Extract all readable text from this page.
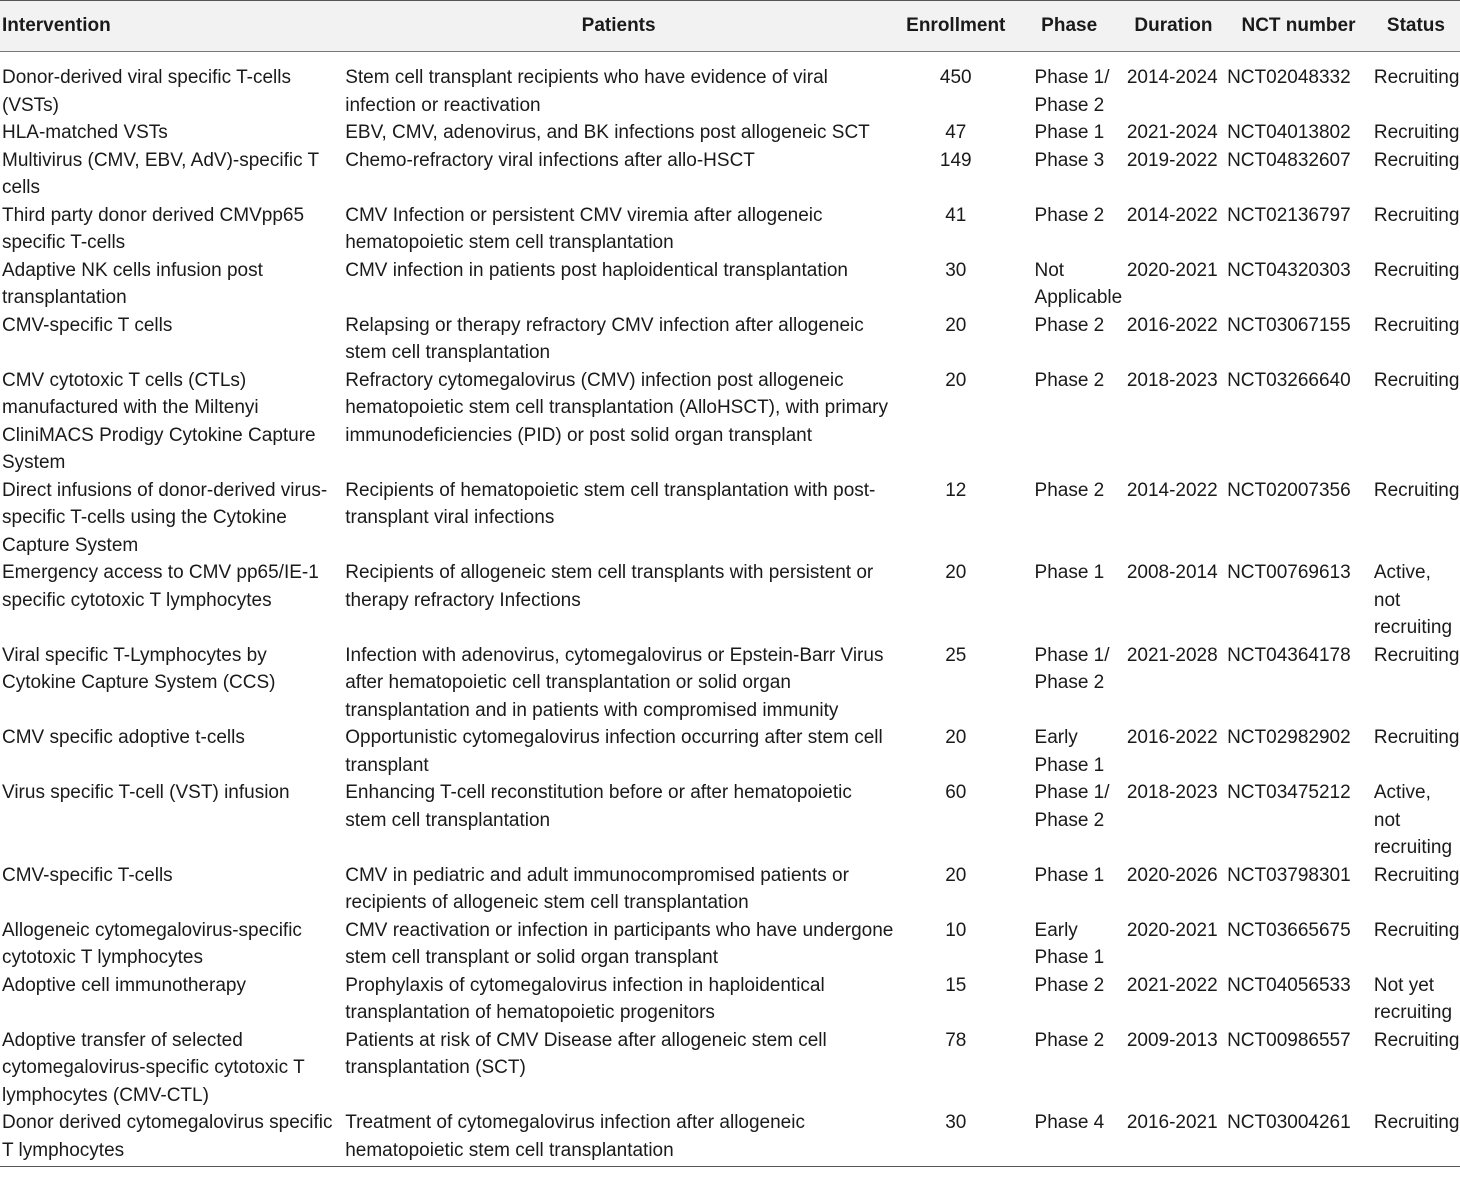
Intervention	Patients	Enrollment	Phase	Duration	NCT number	Status
Donor-derived viral specific T-cells (VSTs)	Stem cell transplant recipients who have evidence of viral infection or reactivation	450	Phase 1/ Phase 2	2014-2024	NCT02048332	Recruiting
HLA-matched VSTs	EBV, CMV, adenovirus, and BK infections post allogeneic SCT	47	Phase 1	2021-2024	NCT04013802	Recruiting
Multivirus (CMV, EBV, AdV)-specific T cells	Chemo-refractory viral infections after allo-HSCT	149	Phase 3	2019-2022	NCT04832607	Recruiting
Third party donor derived CMVpp65 specific T-cells	CMV Infection or persistent CMV viremia after allogeneic hematopoietic stem cell transplantation	41	Phase 2	2014-2022	NCT02136797	Recruiting
Adaptive NK cells infusion post transplantation	CMV infection in patients post haploidentical transplantation	30	Not Applicable	2020-2021	NCT04320303	Recruiting
CMV-specific T cells	Relapsing or therapy refractory CMV infection after allogeneic stem cell transplantation	20	Phase 2	2016-2022	NCT03067155	Recruiting
CMV cytotoxic T cells (CTLs) manufactured with the Miltenyi CliniMACS Prodigy Cytokine Capture System	Refractory cytomegalovirus (CMV) infection post allogeneic hematopoietic stem cell transplantation (AlloHSCT), with primary immunodeficiencies (PID) or post solid organ transplant	20	Phase 2	2018-2023	NCT03266640	Recruiting
Direct infusions of donor-derived virus-specific T-cells using the Cytokine Capture System	Recipients of hematopoietic stem cell transplantation with post-transplant viral infections	12	Phase 2	2014-2022	NCT02007356	Recruiting
Emergency access to CMV pp65/IE-1 specific cytotoxic T lymphocytes	Recipients of allogeneic stem cell transplants with persistent or therapy refractory Infections	20	Phase 1	2008-2014	NCT00769613	Active, not recruiting
Viral specific T-Lymphocytes by Cytokine Capture System (CCS)	Infection with adenovirus, cytomegalovirus or Epstein-Barr Virus after hematopoietic cell transplantation or solid organ transplantation and in patients with compromised immunity	25	Phase 1/ Phase 2	2021-2028	NCT04364178	Recruiting
CMV specific adoptive t-cells	Opportunistic cytomegalovirus infection occurring after stem cell transplant	20	Early Phase 1	2016-2022	NCT02982902	Recruiting
Virus specific T-cell (VST) infusion	Enhancing T-cell reconstitution before or after hematopoietic stem cell transplantation	60	Phase 1/ Phase 2	2018-2023	NCT03475212	Active, not recruiting
CMV-specific T-cells	CMV in pediatric and adult immunocompromised patients or recipients of allogeneic stem cell transplantation	20	Phase 1	2020-2026	NCT03798301	Recruiting
Allogeneic cytomegalovirus-specific cytotoxic T lymphocytes	CMV reactivation or infection in participants who have undergone stem cell transplant or solid organ transplant	10	Early Phase 1	2020-2021	NCT03665675	Recruiting
Adoptive cell immunotherapy	Prophylaxis of cytomegalovirus infection in haploidentical transplantation of hematopoietic progenitors	15	Phase 2	2021-2022	NCT04056533	Not yet recruiting
Adoptive transfer of selected cytomegalovirus-specific cytotoxic T lymphocytes (CMV-CTL)	Patients at risk of CMV Disease after allogeneic stem cell transplantation (SCT)	78	Phase 2	2009-2013	NCT00986557	Recruiting
Donor derived cytomegalovirus specific T lymphocytes	Treatment of cytomegalovirus infection after allogeneic hematopoietic stem cell transplantation	30	Phase 4	2016-2021	NCT03004261	Recruiting
